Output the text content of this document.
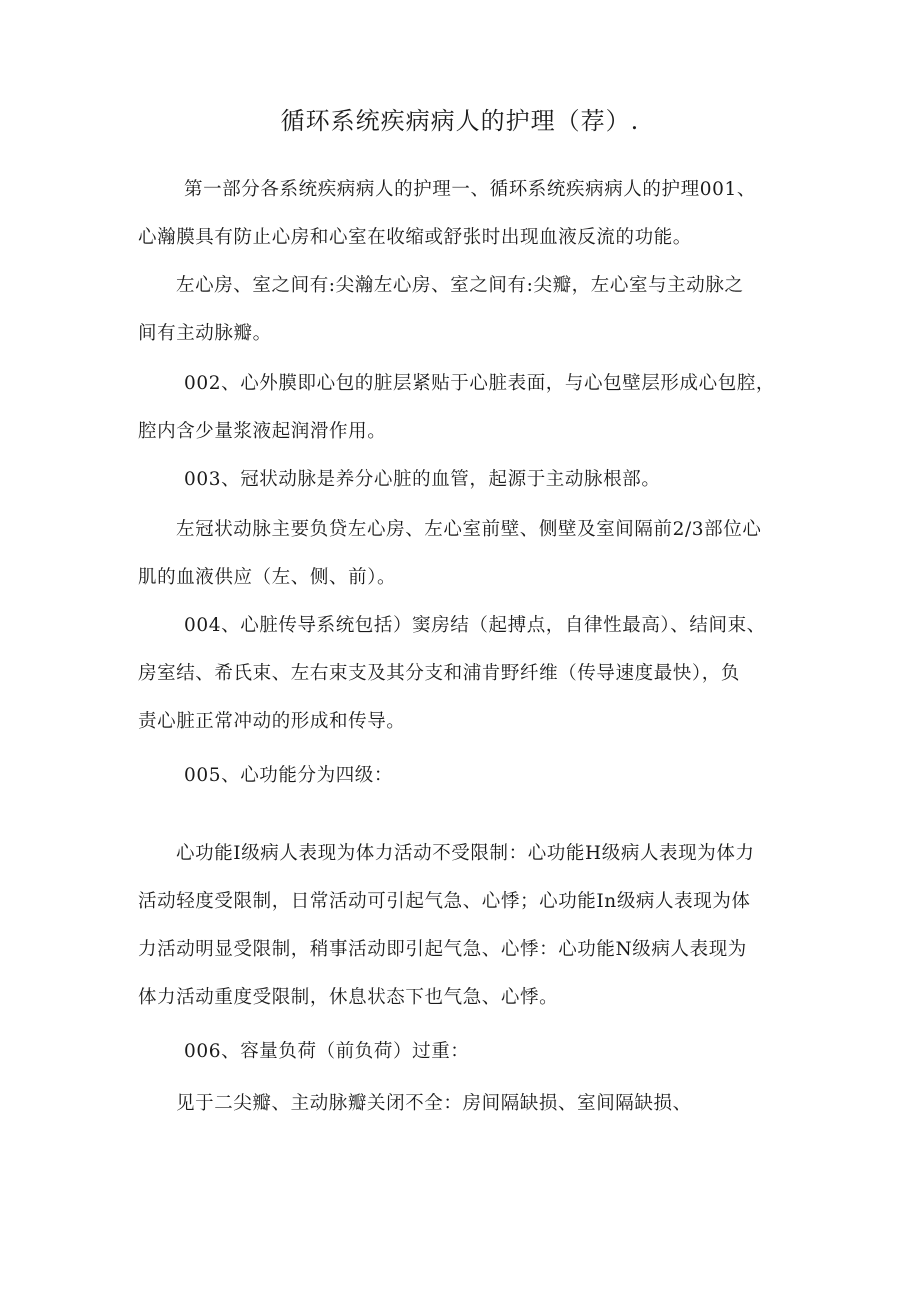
循环系统疾病病人的护理（荐）.
第一部分各系统疾病病人的护理一、循环系统疾病病人的护理001、
心瀚膜具有防止心房和心室在收缩或舒张时出现血液反流的功能。
左心房、室之间有:尖瀚左心房、室之间有:尖瓣，左心室与主动脉之
间有主动脉瓣。
002、心外膜即心包的脏层紧贴于心脏表面，与心包壁层形成心包腔，
腔内含少量浆液起润滑作用。
003、冠状动脉是养分心脏的血管，起源于主动脉根部。
左冠状动脉主要负贷左心房、左心室前壁、侧壁及室间隔前2/3部位心
肌的血液供应（左、侧、前）。
004、心脏传导系统包括）窦房结（起搏点，自律性最高）、结间束、
房室结、希氏束、左右束支及其分支和浦肯野纤维（传导速度最快），负
责心脏正常冲动的形成和传导。
005、心功能分为四级：
心功能I级病人表现为体力活动不受限制：心功能H级病人表现为体力
活动轻度受限制，日常活动可引起气急、心悸；心功能In级病人表现为体
力活动明显受限制，稍事活动即引起气急、心悸：心功能N级病人表现为
体力活动重度受限制，休息状态下也气急、心悸。
006、容量负荷（前负荷）过重：
见于二尖瓣、主动脉瓣关闭不全：房间隔缺损、室间隔缺损、
